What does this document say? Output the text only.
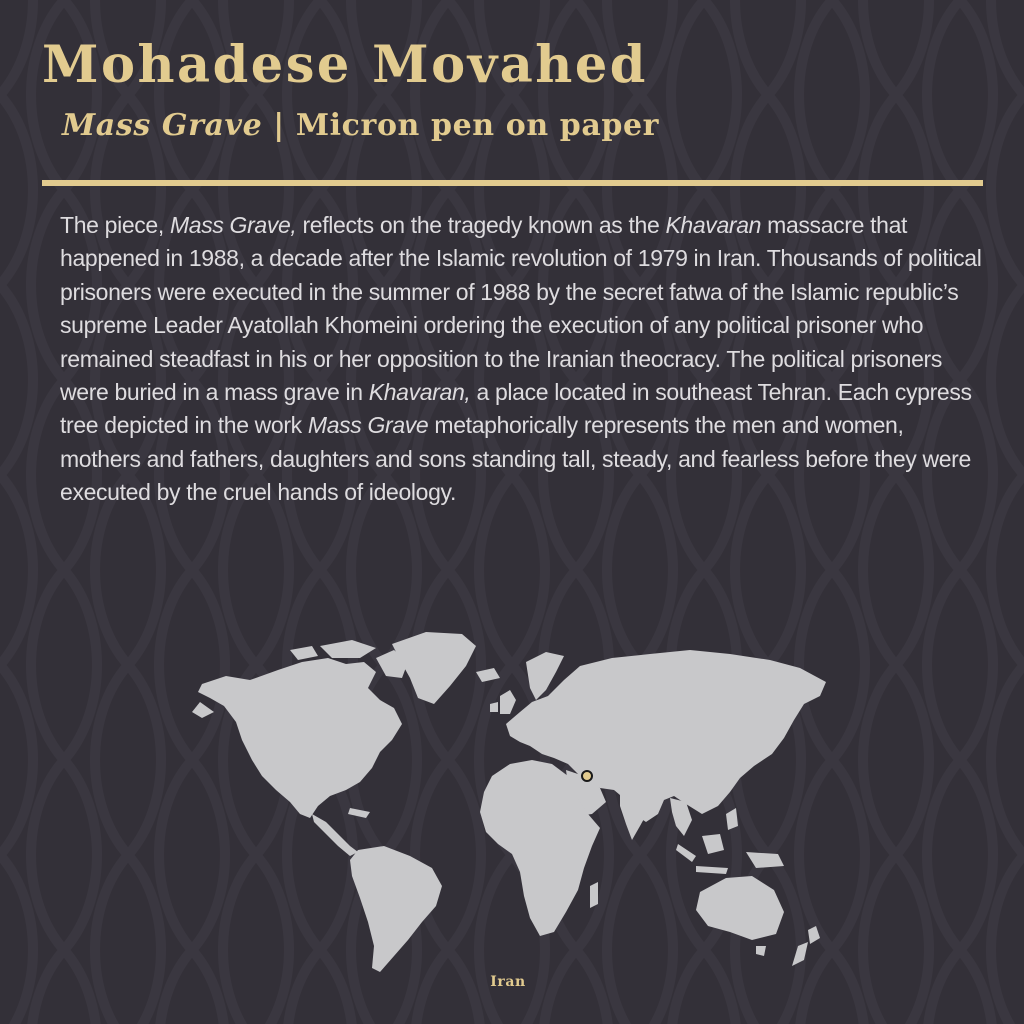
Mohadese Movahed
Mass Grave | Micron pen on paper

The piece, Mass Grave, reflects on the tragedy known as the Khavaran massacre that happened in 1988, a decade after the Islamic revolution of 1979 in Iran. Thousands of political prisoners were executed in the summer of 1988 by the secret fatwa of the Islamic republic’s supreme Leader Ayatollah Khomeini ordering the execution of any political prisoner who remained steadfast in his or her opposition to the Iranian theocracy. The political prisoners were buried in a mass grave in Khavaran, a place located in southeast Tehran. Each cypress tree depicted in the work Mass Grave metaphorically represents the men and women, mothers and fathers, daughters and sons standing tall, steady, and fearless before they were executed by the cruel hands of ideology.

Iran
